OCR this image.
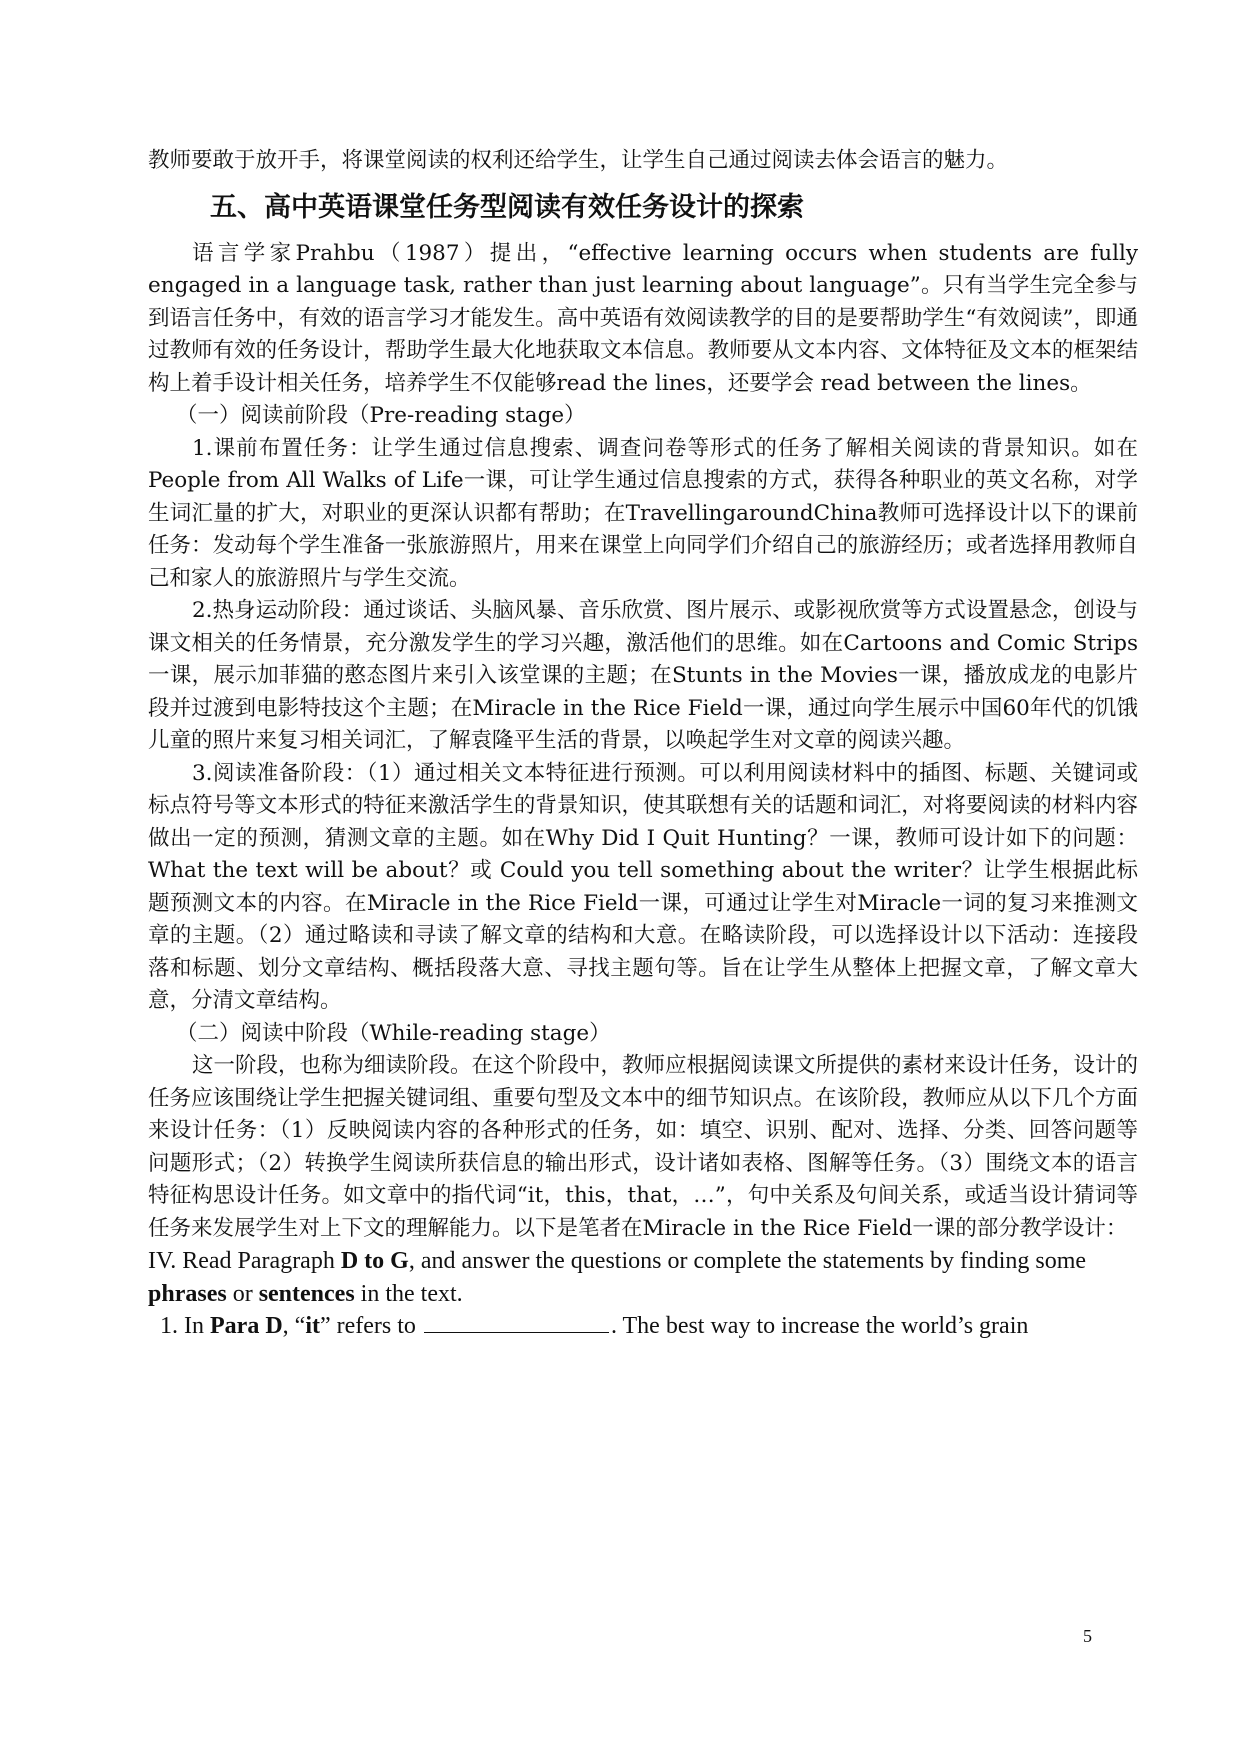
教师要敢于放开手，将课堂阅读的权利还给学生，让学生自己通过阅读去体会语言的魅力。

五、高中英语课堂任务型阅读有效任务设计的探索

语言学家Prahbu（1987）提出，“effective learning occurs when students are fully engaged in a language task, rather than just learning about language”。只有当学生完全参与到语言任务中，有效的语言学习才能发生。高中英语有效阅读教学的目的是要帮助学生“有效阅读”，即通过教师有效的任务设计，帮助学生最大化地获取文本信息。教师要从文本内容、文体特征及文本的框架结构上着手设计相关任务，培养学生不仅能够read the lines，还要学会 read between the lines。

（一）阅读前阶段（Pre-reading stage）

1.课前布置任务：让学生通过信息搜索、调查问卷等形式的任务了解相关阅读的背景知识。如在People from All Walks of Life一课，可让学生通过信息搜索的方式，获得各种职业的英文名称，对学生词汇量的扩大，对职业的更深认识都有帮助；在TravellingaroundChina教师可选择设计以下的课前任务：发动每个学生准备一张旅游照片，用来在课堂上向同学们介绍自己的旅游经历；或者选择用教师自己和家人的旅游照片与学生交流。

2.热身运动阶段：通过谈话、头脑风暴、音乐欣赏、图片展示、或影视欣赏等方式设置悬念，创设与课文相关的任务情景，充分激发学生的学习兴趣，激活他们的思维。如在Cartoons and Comic Strips一课，展示加菲猫的憨态图片来引入该堂课的主题；在Stunts in the Movies一课，播放成龙的电影片段并过渡到电影特技这个主题；在Miracle in the Rice Field一课，通过向学生展示中国60年代的饥饿儿童的照片来复习相关词汇，了解袁隆平生活的背景，以唤起学生对文章的阅读兴趣。

3.阅读准备阶段：（1）通过相关文本特征进行预测。可以利用阅读材料中的插图、标题、关键词或标点符号等文本形式的特征来激活学生的背景知识，使其联想有关的话题和词汇，对将要阅读的材料内容做出一定的预测，猜测文章的主题。如在Why Did I Quit Hunting？一课，教师可设计如下的问题：What the text will be about？或 Could you tell something about the writer？让学生根据此标题预测文本的内容。在Miracle in the Rice Field一课，可通过让学生对Miracle一词的复习来推测文章的主题。（2）通过略读和寻读了解文章的结构和大意。在略读阶段，可以选择设计以下活动：连接段落和标题、划分文章结构、概括段落大意、寻找主题句等。旨在让学生从整体上把握文章，了解文章大意，分清文章结构。

（二）阅读中阶段（While-reading stage）

这一阶段，也称为细读阶段。在这个阶段中，教师应根据阅读课文所提供的素材来设计任务，设计的任务应该围绕让学生把握关键词组、重要句型及文本中的细节知识点。在该阶段，教师应从以下几个方面来设计任务：（1）反映阅读内容的各种形式的任务，如：填空、识别、配对、选择、分类、回答问题等问题形式；（2）转换学生阅读所获信息的输出形式，设计诸如表格、图解等任务。（3）围绕文本的语言特征构思设计任务。如文章中的指代词“it，this，that，…”，句中关系及句间关系，或适当设计猜词等任务来发展学生对上下文的理解能力。以下是笔者在Miracle in the Rice Field一课的部分教学设计：

IV. Read Paragraph D to G, and answer the questions or complete the statements by finding some phrases or sentences in the text.

1. In Para D, “it” refers to	. The best way to increase the world’s grain

5
